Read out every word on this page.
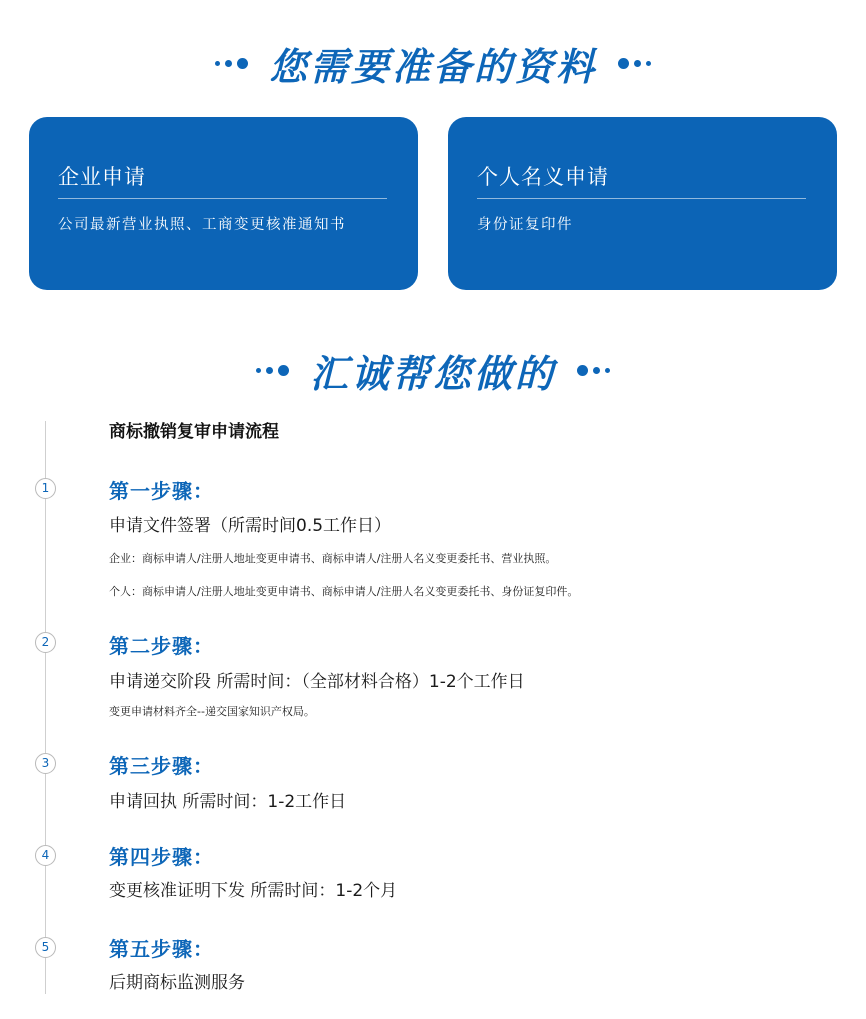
您需要准备的资料
企业申请
公司最新营业执照、工商变更核准通知书
个人名义申请
身份证复印件
汇诚帮您做的
商标撤销复审申请流程
1	第一步骤：
申请文件签署（所需时间0.5工作日）
企业：商标申请人/注册人地址变更申请书、商标申请人/注册人名义变更委托书、营业执照。
个人：商标申请人/注册人地址变更申请书、商标申请人/注册人名义变更委托书、身份证复印件。
2	第二步骤：
申请递交阶段 所需时间：（全部材料合格）1-2个工作日
变更申请材料齐全--递交国家知识产权局。
3	第三步骤：
申请回执 所需时间：1-2工作日
4	第四步骤：
变更核准证明下发 所需时间：1-2个月
5	第五步骤：
后期商标监测服务
